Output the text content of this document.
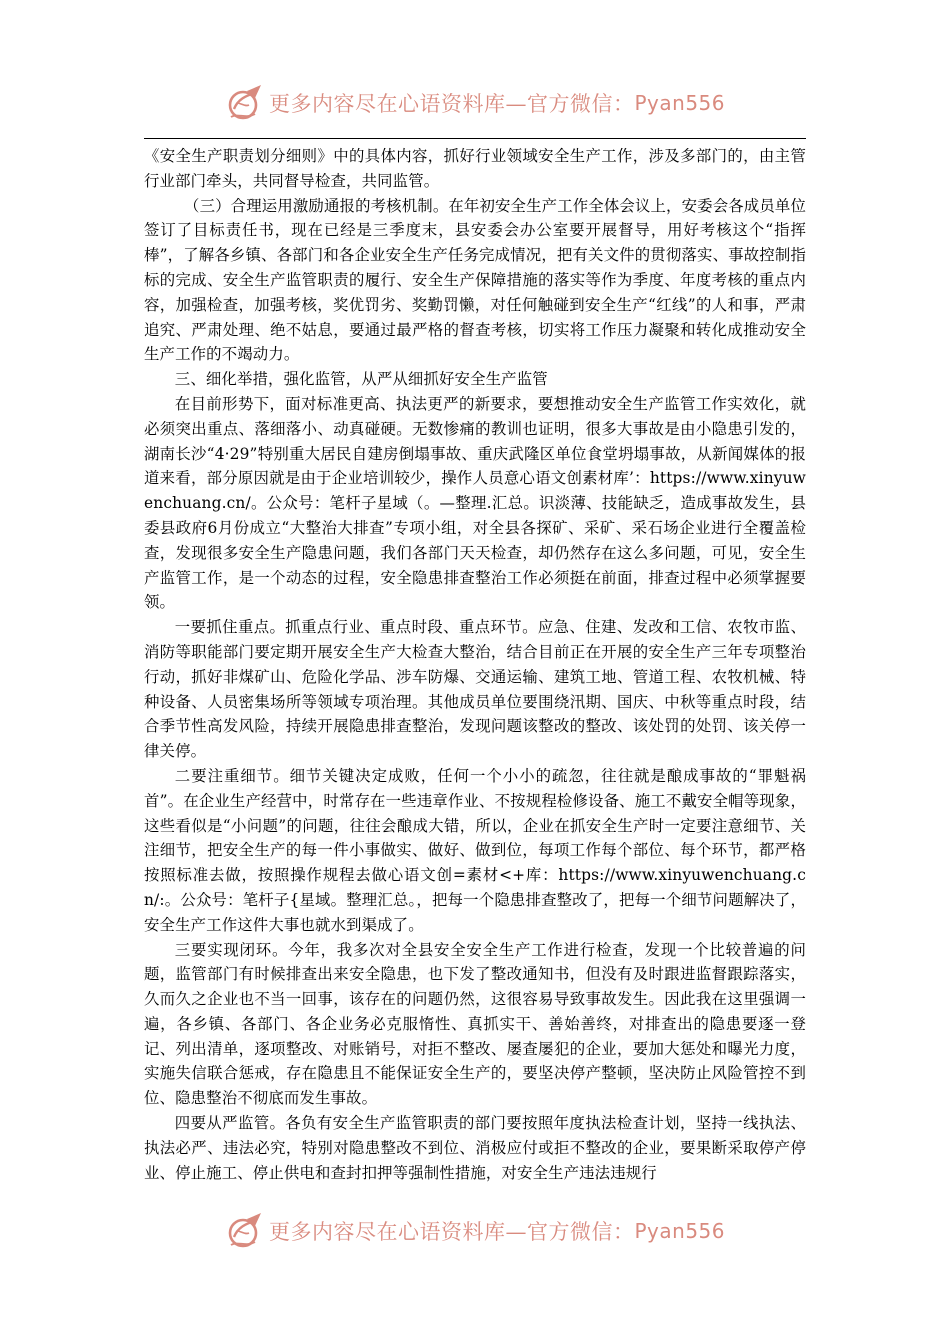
更多内容尽在心语资料库—官方微信： Pyan556

《安全生产职责划分细则》中的具体内容，抓好行业领域安全生产工作，涉及多部门的，由主管行业部门牵头，共同督导检查，共同监管。

（三）合理运用激励通报的考核机制。在年初安全生产工作全体会议上，安委会各成员单位签订了目标责任书，现在已经是三季度末，县安委会办公室要开展督导，用好考核这个“指挥棒”，了解各乡镇、各部门和各企业安全生产任务完成情况，把有关文件的贯彻落实、事故控制指标的完成、安全生产监管职责的履行、安全生产保障措施的落实等作为季度、年度考核的重点内容，加强检查，加强考核，奖优罚劣、奖勤罚懒，对任何触碰到安全生产“红线”的人和事，严肃追究、严肃处理、绝不姑息，要通过最严格的督查考核，切实将工作压力凝聚和转化成推动安全生产工作的不竭动力。

三、细化举措，强化监管，从严从细抓好安全生产监管

在目前形势下，面对标准更高、执法更严的新要求，要想推动安全生产监管工作实效化，就必须突出重点、落细落小、动真碰硬。无数惨痛的教训也证明，很多大事故是由小隐患引发的，湖南长沙“4·29”特别重大居民自建房倒塌事故、重庆武隆区单位食堂坍塌事故，从新闻媒体的报道来看，部分原因就是由于企业培训较少，操作人员意心语文创素材库’：https://www.xinyuwenchuang.cn/。公众号：笔杆子星域（。—整理.汇总。识淡薄、技能缺乏，造成事故发生，县委县政府6月份成立“大整治大排查”专项小组，对全县各探矿、采矿、采石场企业进行全覆盖检查，发现很多安全生产隐患问题，我们各部门天天检查，却仍然存在这么多问题，可见，安全生产监管工作，是一个动态的过程，安全隐患排查整治工作必须挺在前面，排查过程中必须掌握要领。

一要抓住重点。抓重点行业、重点时段、重点环节。应急、住建、发改和工信、农牧市监、消防等职能部门要定期开展安全生产大检查大整治，结合目前正在开展的安全生产三年专项整治行动，抓好非煤矿山、危险化学品、涉车防爆、交通运输、建筑工地、管道工程、农牧机械、特种设备、人员密集场所等领域专项治理。其他成员单位要围绕汛期、国庆、中秋等重点时段，结合季节性高发风险，持续开展隐患排查整治，发现问题该整改的整改、该处罚的处罚、该关停一律关停。

二要注重细节。细节关键决定成败，任何一个小小的疏忽，往往就是酿成事故的“罪魁祸首”。在企业生产经营中，时常存在一些违章作业、不按规程检修设备、施工不戴安全帽等现象，这些看似是“小问题”的问题，往往会酿成大错，所以，企业在抓安全生产时一定要注意细节、关注细节，把安全生产的每一件小事做实、做好、做到位，每项工作每个部位、每个环节，都严格按照标准去做，按照操作规程去做心语文创=素材<+库：https://www.xinyuwenchuang.cn/:。公众号：笔杆子{星域。整理汇总。，把每一个隐患排查整改了，把每一个细节问题解决了，安全生产工作这件大事也就水到渠成了。

三要实现闭环。今年，我多次对全县安全安全生产工作进行检查，发现一个比较普遍的问题，监管部门有时候排查出来安全隐患，也下发了整改通知书，但没有及时跟进监督跟踪落实，久而久之企业也不当一回事，该存在的问题仍然，这很容易导致事故发生。因此我在这里强调一遍，各乡镇、各部门、各企业务必克服惰性、真抓实干、善始善终，对排查出的隐患要逐一登记、列出清单，逐项整改、对账销号，对拒不整改、屡查屡犯的企业，要加大惩处和曝光力度，实施失信联合惩戒，存在隐患且不能保证安全生产的，要坚决停产整顿，坚决防止风险管控不到位、隐患整治不彻底而发生事故。

四要从严监管。各负有安全生产监管职责的部门要按照年度执法检查计划，坚持一线执法、执法必严、违法必究，特别对隐患整改不到位、消极应付或拒不整改的企业，要果断采取停产停业、停止施工、停止供电和查封扣押等强制性措施，对安全生产违法违规行

更多内容尽在心语资料库—官方微信： Pyan556
